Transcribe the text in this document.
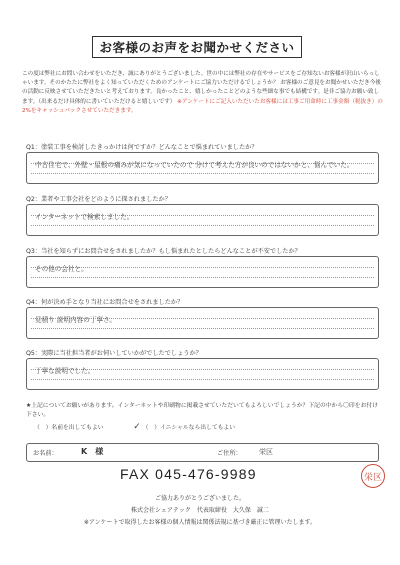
お客様のお声をお聞かせください
この度は弊社にお問い合わせをいただき、誠にありがとうございました。世の中には弊社の存在やサービスをご存知ないお客様が沢山いらっしゃいます。そのかたたに弊社をよく知っていただくためのアンケートにご協力いただけるでしょうか？ お客様のご意見をお聞かせいただき今後の活動に反映させていただきたいと考えております。良かったこと、嬉しかったことどのような些細な事でも結構です。是非ご協力お願い致します。（出来るだけ具体的に書いていただけると嬉しいです） ※アンケートにご記入いただいたお客様には工事ご用命時に工事金額（税抜き）の2%をキャッシュバックさせていただきます。
Q1：塗装工事を検討したきっかけは何ですか？どんなことで悩まれていましたか？
中古住宅で、外壁・屋根の痛みが気になっていたので 分けて考えた方が良いのではないかと、悩んでいた。
Q2：業者や工事会社をどのように探されましたか？
インターネットで検索しました。
Q3：当社を知らずにお問合せをされましたか？もし悩まれたとしたらどんなことが不安でしたか？
その他の会社と。
Q4：何が決め手となり当社にお問合せをされましたか？
見積り 説明内容の丁寧さ。
Q5：実際に当社担当者がお伺いしていかがでしたでしょうか？
丁寧な説明でした。
★上記についてお願いがあります。インターネットや印刷物に掲載させていただいてもよろしいでしょうか？下記の中から〇印をお付け下さい。
（　）名前を出してもよい	✓ （　）イニシャルなら出してもよい
お名前：	K　様	ご住所： 栄区
FAX 045-476-9989	栄区
ご協力ありがとうございました。
株式会社シェアテック　代表取締役　大久保　誠二
※アンケートで取得したお客様の個人情報は関係法規に基づき厳正に管理いたします。
